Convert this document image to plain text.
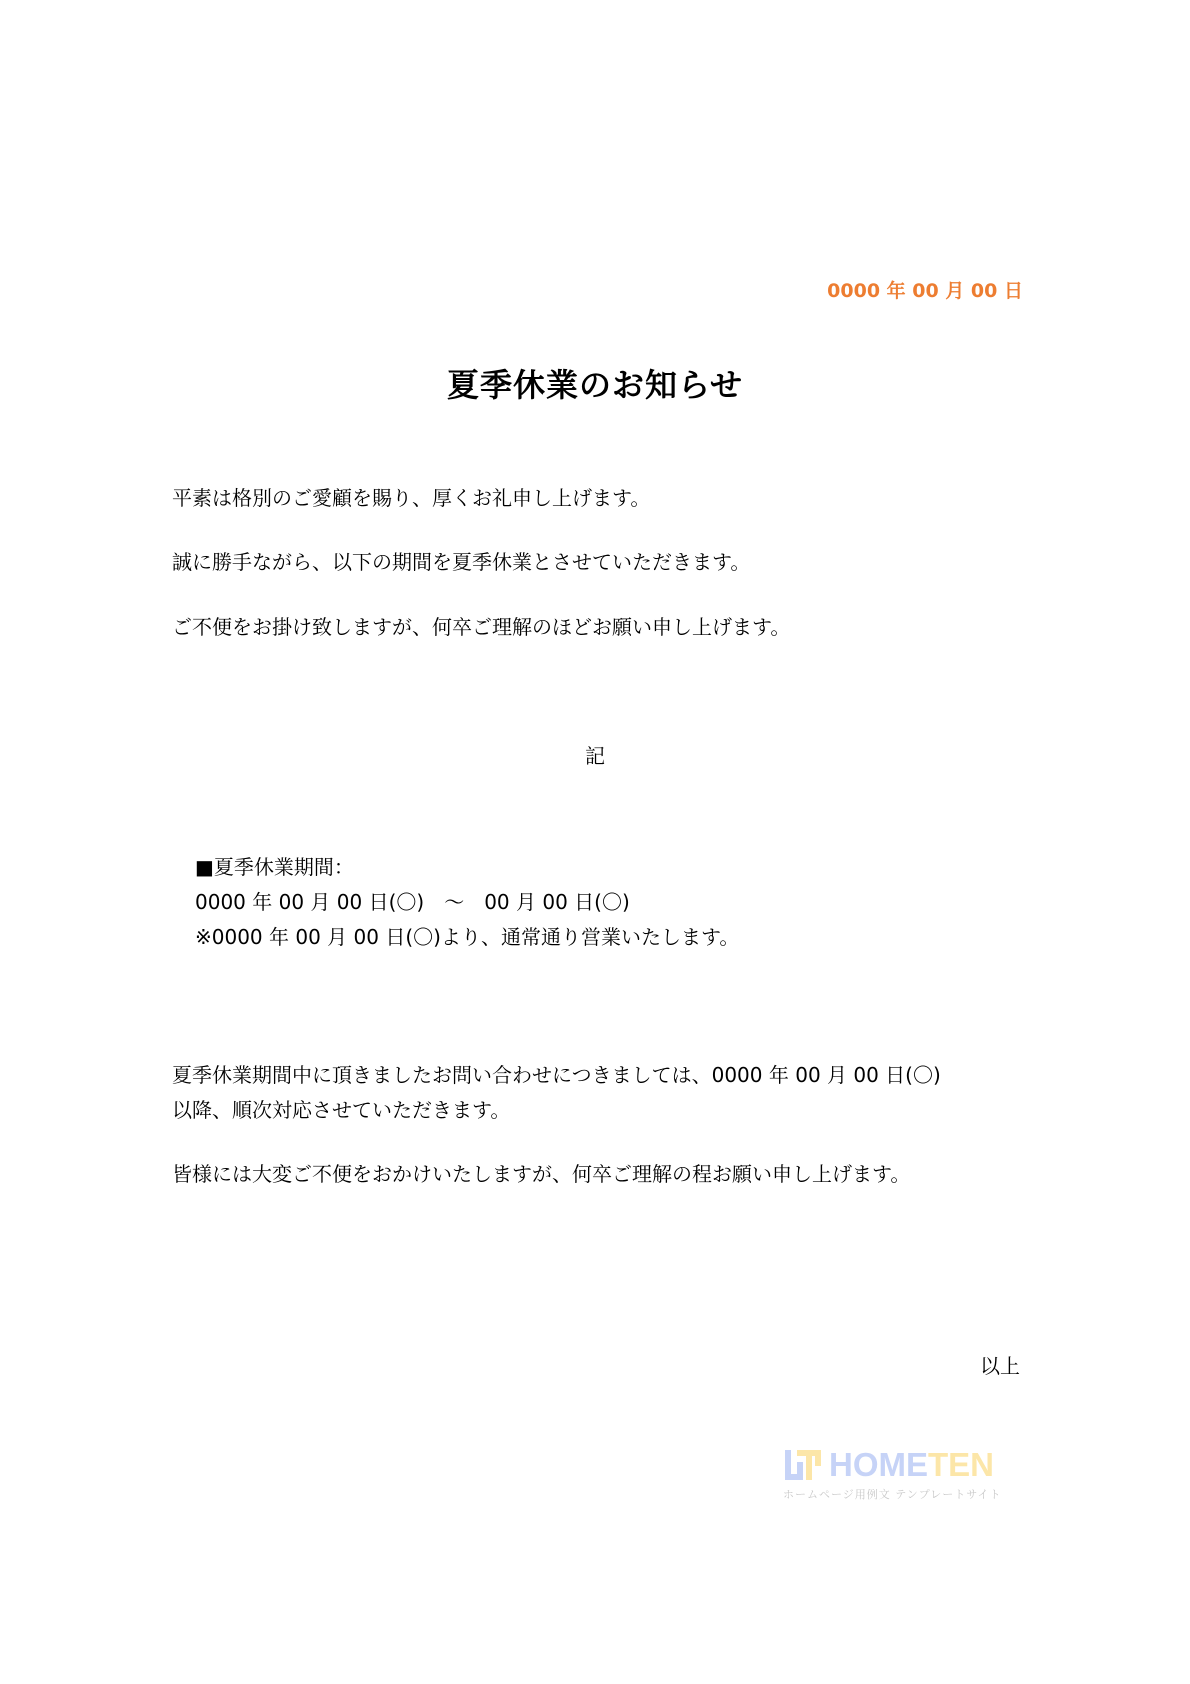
0000 年 00 月 00 日
夏季休業のお知らせ
平素は格別のご愛顧を賜り、厚くお礼申し上げます。
誠に勝手ながら、以下の期間を夏季休業とさせていただきます。
ご不便をお掛け致しますが、何卒ご理解のほどお願い申し上げます。
記
■夏季休業期間：
0000 年 00 月 00 日(〇)　～　00 月 00 日(〇)
※0000 年 00 月 00 日(〇)より、通常通り営業いたします。
夏季休業期間中に頂きましたお問い合わせにつきましては、0000 年 00 月 00 日(〇)
以降、順次対応させていただきます。
皆様には大変ご不便をおかけいたしますが、何卒ご理解の程お願い申し上げます。
以上
HOME TEN
ホームページ用例文 テンプレートサイト
